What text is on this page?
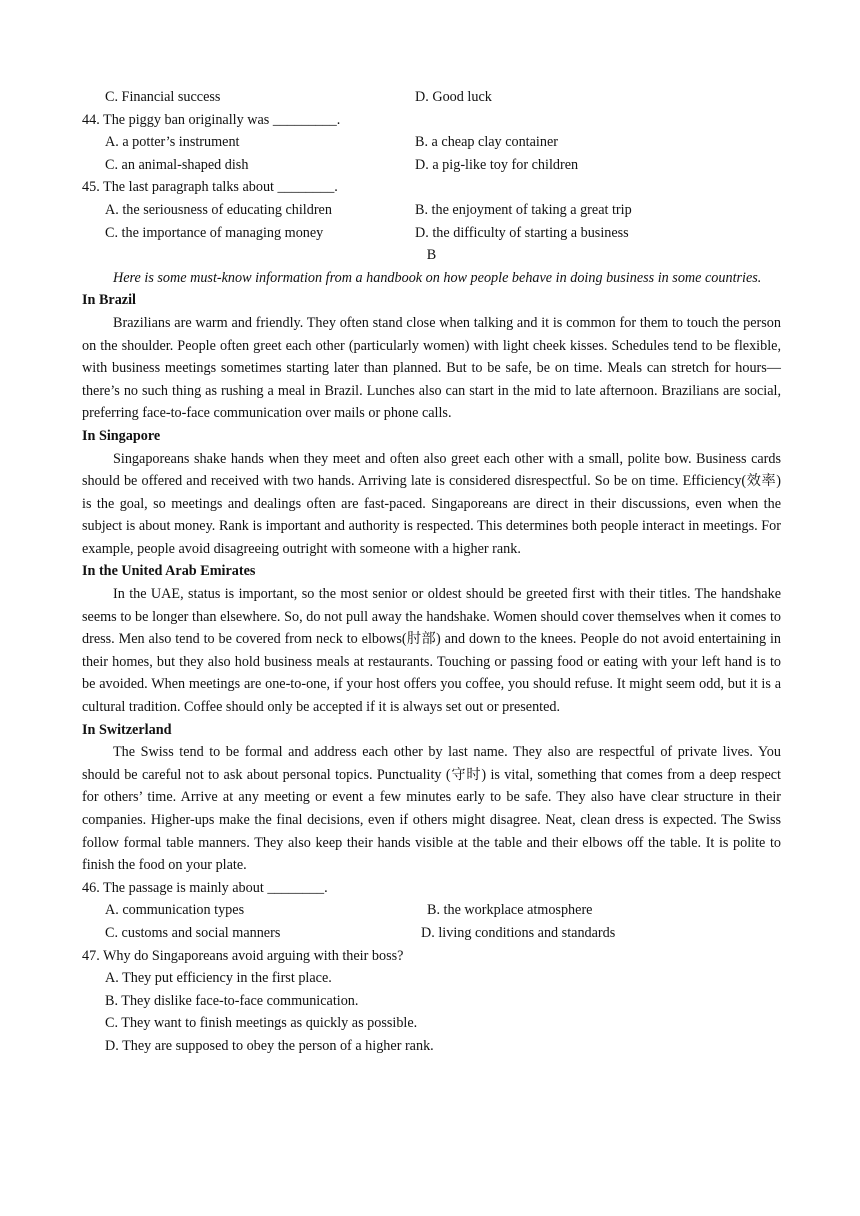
C. Financial success	D. Good luck
44. The piggy ban originally was _________.
A. a potter’s instrument	B. a cheap clay container
C. an animal-shaped dish	D. a pig-like toy for children
45. The last paragraph talks about ________.
A. the seriousness of educating children	B. the enjoyment of taking a great trip
C. the importance of managing money	D. the difficulty of starting a business
B

Here is some must-know information from a handbook on how people behave in doing business in some countries.

In Brazil

Brazilians are warm and friendly. They often stand close when talking and it is common for them to touch the person on the shoulder. People often greet each other (particularly women) with light cheek kisses. Schedules tend to be flexible, with business meetings sometimes starting later than planned. But to be safe, be on time. Meals can stretch for hours—there’s no such thing as rushing a meal in Brazil. Lunches also can start in the mid to late afternoon. Brazilians are social, preferring face-to-face communication over mails or phone calls.

In Singapore

Singaporeans shake hands when they meet and often also greet each other with a small, polite bow. Business cards should be offered and received with two hands. Arriving late is considered disrespectful. So be on time. Efficiency(效率) is the goal, so meetings and dealings often are fast-paced. Singaporeans are direct in their discussions, even when the subject is about money. Rank is important and authority is respected. This determines both people interact in meetings. For example, people avoid disagreeing outright with someone with a higher rank.

In the United Arab Emirates

In the UAE, status is important, so the most senior or oldest should be greeted first with their titles. The handshake seems to be longer than elsewhere. So, do not pull away the handshake. Women should cover themselves when it comes to dress. Men also tend to be covered from neck to elbows(肘部) and down to the knees. People do not avoid entertaining in their homes, but they also hold business meals at restaurants. Touching or passing food or eating with your left hand is to be avoided. When meetings are one-to-one, if your host offers you coffee, you should refuse. It might seem odd, but it is a cultural tradition. Coffee should only be accepted if it is always set out or presented.

In Switzerland

The Swiss tend to be formal and address each other by last name. They also are respectful of private lives. You should be careful not to ask about personal topics. Punctuality (守时) is vital, something that comes from a deep respect for others’ time. Arrive at any meeting or event a few minutes early to be safe. They also have clear structure in their companies. Higher-ups make the final decisions, even if others might disagree. Neat, clean dress is expected. The Swiss follow formal table manners. They also keep their hands visible at the table and their elbows off the table. It is polite to finish the food on your plate.

46. The passage is mainly about ________.
A. communication types	B. the workplace atmosphere
C. customs and social manners	D. living conditions and standards
47. Why do Singaporeans avoid arguing with their boss?
A. They put efficiency in the first place.
B. They dislike face-to-face communication.
C. They want to finish meetings as quickly as possible.
D. They are supposed to obey the person of a higher rank.
